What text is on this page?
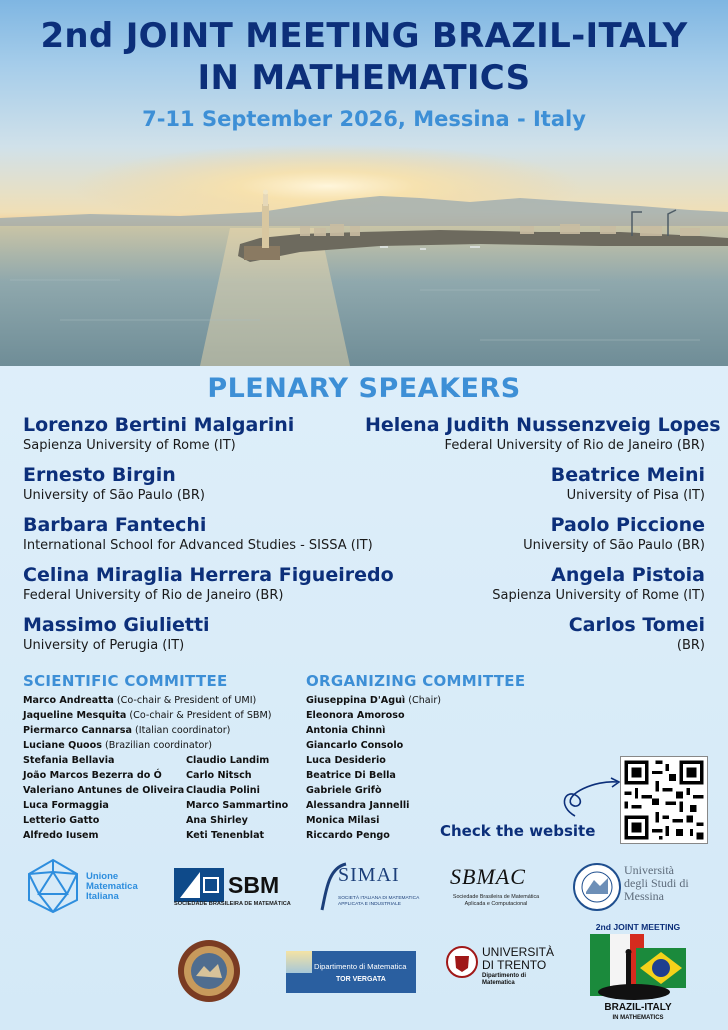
2nd JOINT MEETING BRAZIL-ITALY
IN MATHEMATICS
7-11 September 2026, Messina - Italy
PLENARY SPEAKERS
Lorenzo Bertini Malgarini
Sapienza University of Rome (IT)
Ernesto Birgin
University of São Paulo (BR)
Barbara Fantechi
International School for Advanced Studies - SISSA (IT)
Celina Miraglia Herrera Figueiredo
Federal University of Rio de Janeiro (BR)
Massimo Giulietti
University of Perugia (IT)
Helena Judith Nussenzveig Lopes
Federal University of Rio de Janeiro (BR)
Beatrice Meini
University of Pisa (IT)
Paolo Piccione
University of São Paulo (BR)
Angela Pistoia
Sapienza University of Rome (IT)
Carlos Tomei
(BR)
SCIENTIFIC COMMITTEE
Marco Andreatta (Co-chair & President of UMI)
Jaqueline Mesquita (Co-chair & President of SBM)
Piermarco Cannarsa (Italian coordinator)
Luciane Quoos (Brazilian coordinator)
Stefania Bellavia
João Marcos Bezerra do Ó
Valeriano Antunes de Oliveira
Luca Formaggia
Letterio Gatto
Alfredo Iusem
Claudio Landim
Carlo Nitsch
Claudia Polini
Marco Sammartino
Ana Shirley
Keti Tenenblat
ORGANIZING COMMITTEE
Giuseppina D'Aguì (Chair)
Eleonora Amoroso
Antonia Chinnì
Giancarlo Consolo
Luca Desiderio
Beatrice Di Bella
Gabriele Grifò
Alessandra Jannelli
Monica Milasi
Riccardo Pengo	Check the website
Unione
Matematica
Italiana	SBM
SOCIEDADE BRASILEIRA DE MATEMÁTICA
SIMAI
SOCIETÀ ITALIANA DI MATEMATICA
APPLICATA E INDUSTRIALE
SBMAC
Sociedade Brasileira de Matemática
Aplicada e Computacional
Università
degli Studi di
Messina
Dipartimento di Matematica
TOR VERGATA
UNIVERSITÀ
DI TRENTO
Dipartimento di
Matematica
2nd JOINT MEETING
BRAZIL-ITALY
IN MATHEMATICS
